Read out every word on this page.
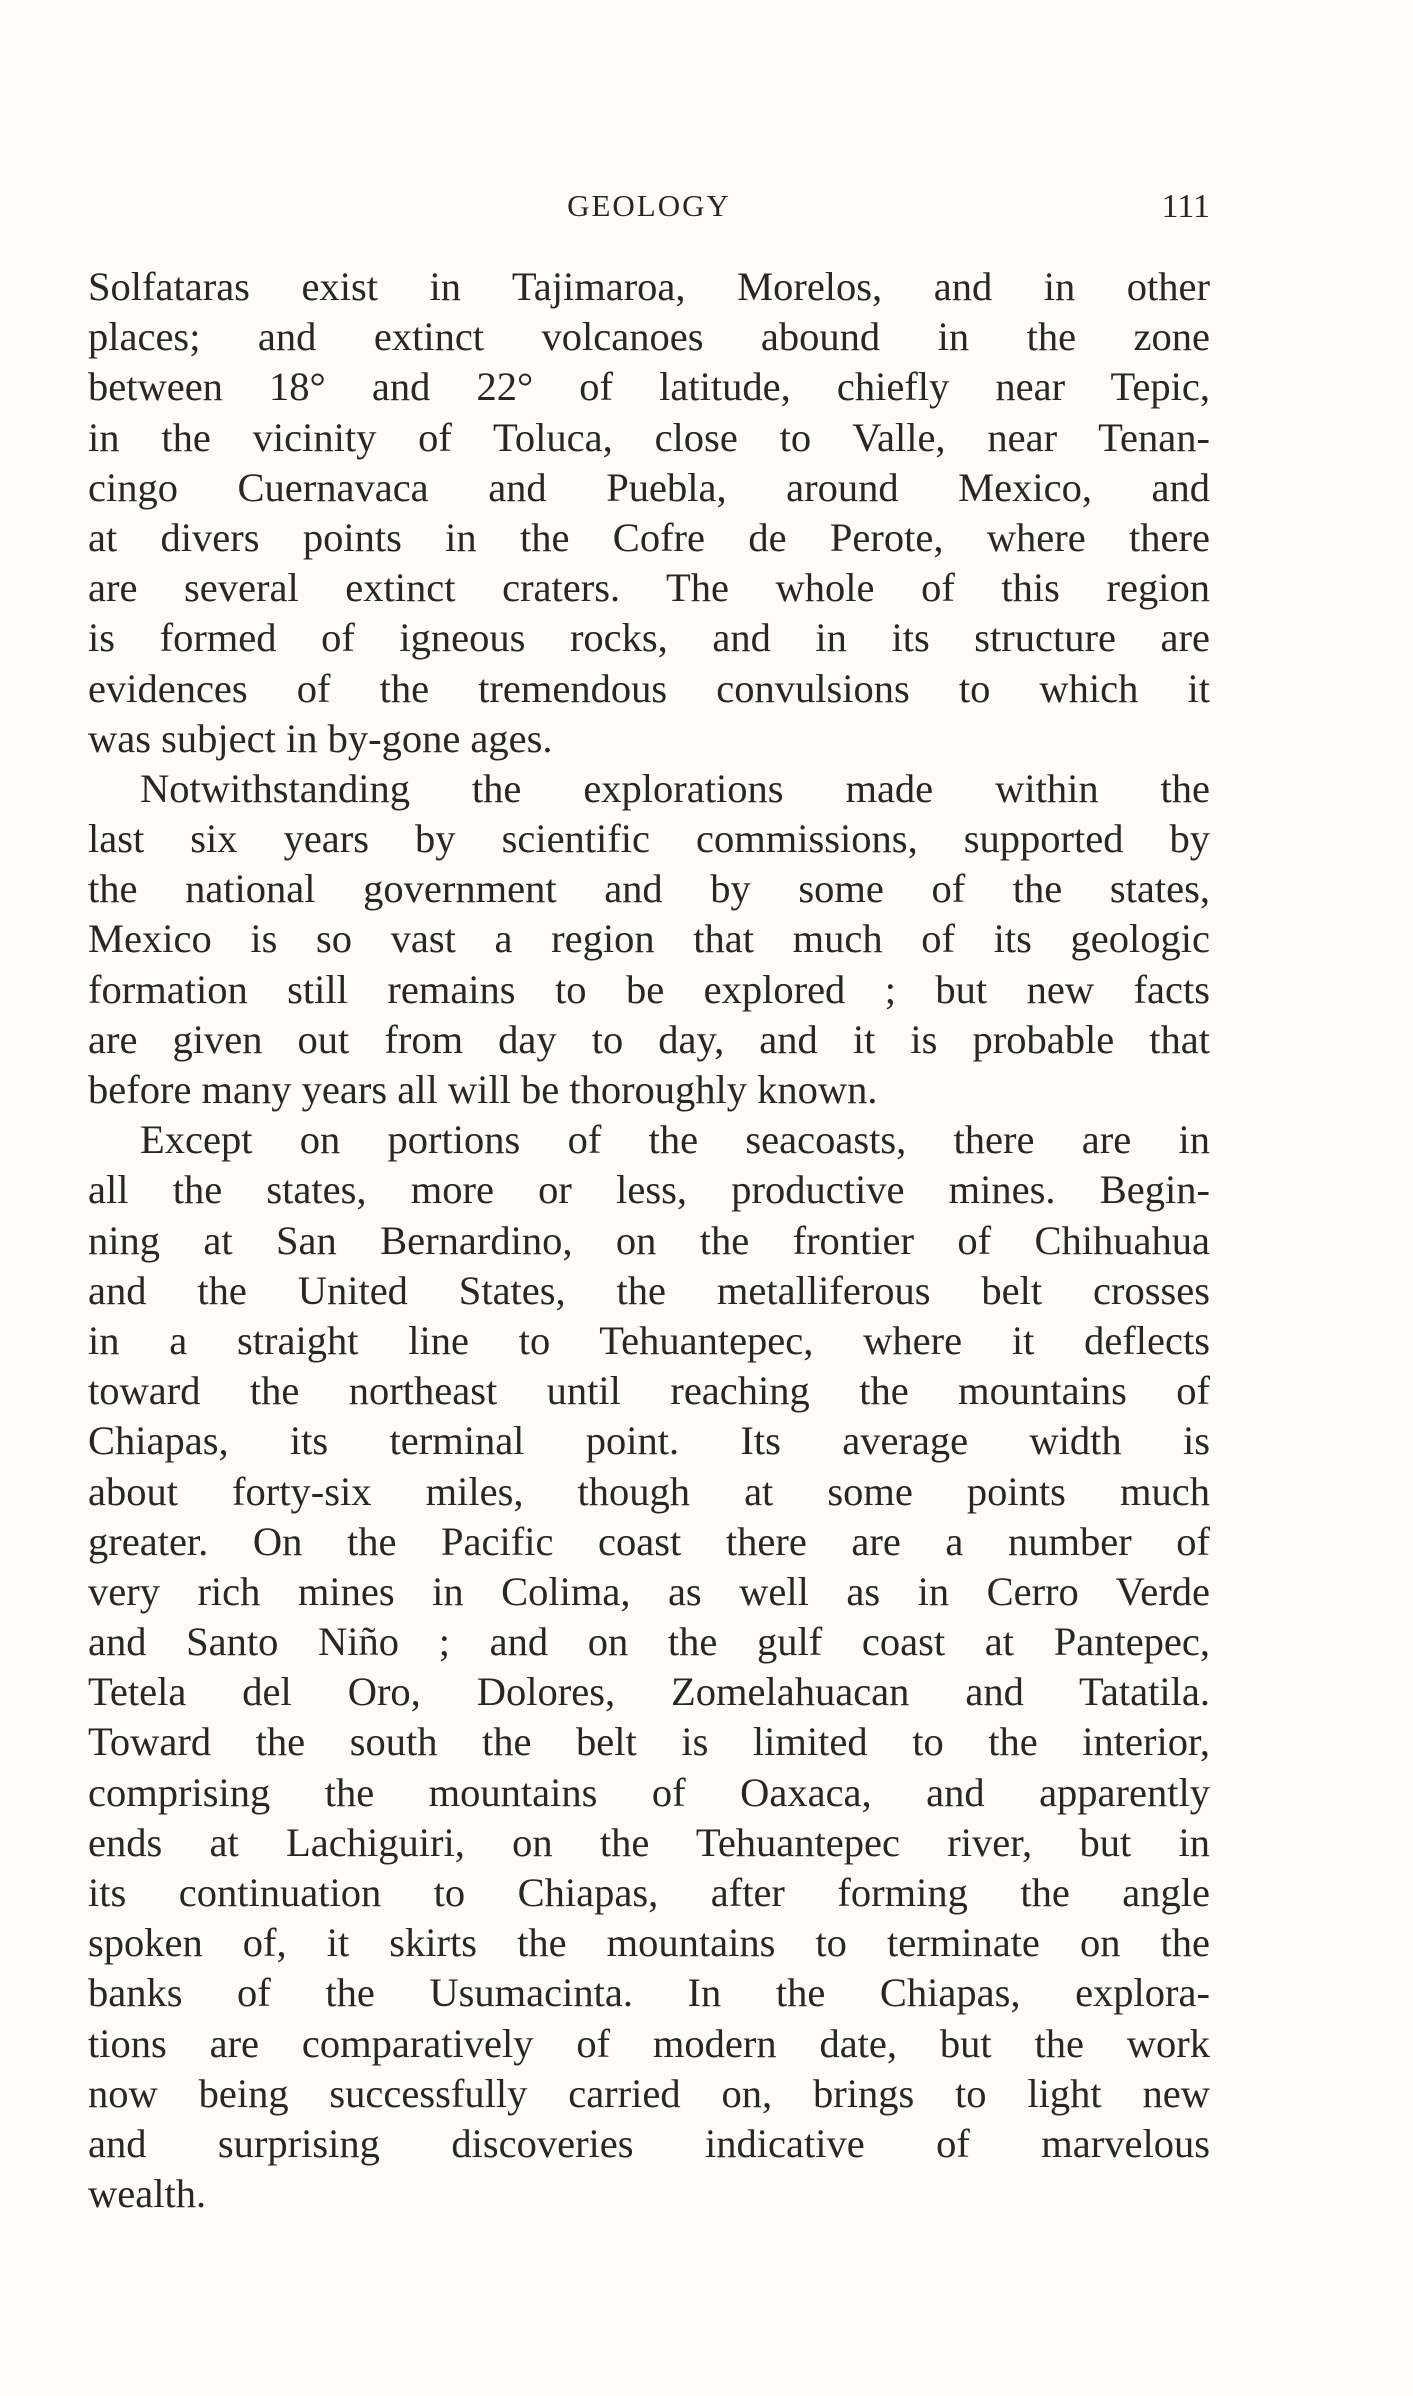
GEOLOGY	111
Solfataras exist in Tajimaroa, Morelos, and in other
places; and extinct volcanoes abound in the zone
between 18° and 22° of latitude, chiefly near Tepic,
in the vicinity of Toluca, close to Valle, near Tenan-
cingo Cuernavaca and Puebla, around Mexico, and
at divers points in the Cofre de Perote, where there
are several extinct craters. The whole of this region
is formed of igneous rocks, and in its structure are
evidences of the tremendous convulsions to which it
was subject in by-gone ages.
Notwithstanding the explorations made within the
last six years by scientific commissions, supported by
the national government and by some of the states,
Mexico is so vast a region that much of its geologic
formation still remains to be explored ; but new facts
are given out from day to day, and it is probable that
before many years all will be thoroughly known.
Except on portions of the seacoasts, there are in
all the states, more or less, productive mines. Begin-
ning at San Bernardino, on the frontier of Chihuahua
and the United States, the metalliferous belt crosses
in a straight line to Tehuantepec, where it deflects
toward the northeast until reaching the mountains of
Chiapas, its terminal point. Its average width is
about forty-six miles, though at some points much
greater. On the Pacific coast there are a number of
very rich mines in Colima, as well as in Cerro Verde
and Santo Niño ; and on the gulf coast at Pantepec,
Tetela del Oro, Dolores, Zomelahuacan and Tatatila.
Toward the south the belt is limited to the interior,
comprising the mountains of Oaxaca, and apparently
ends at Lachiguiri, on the Tehuantepec river, but in
its continuation to Chiapas, after forming the angle
spoken of, it skirts the mountains to terminate on the
banks of the Usumacinta. In the Chiapas, explora-
tions are comparatively of modern date, but the work
now being successfully carried on, brings to light new
and surprising discoveries indicative of marvelous
wealth.
